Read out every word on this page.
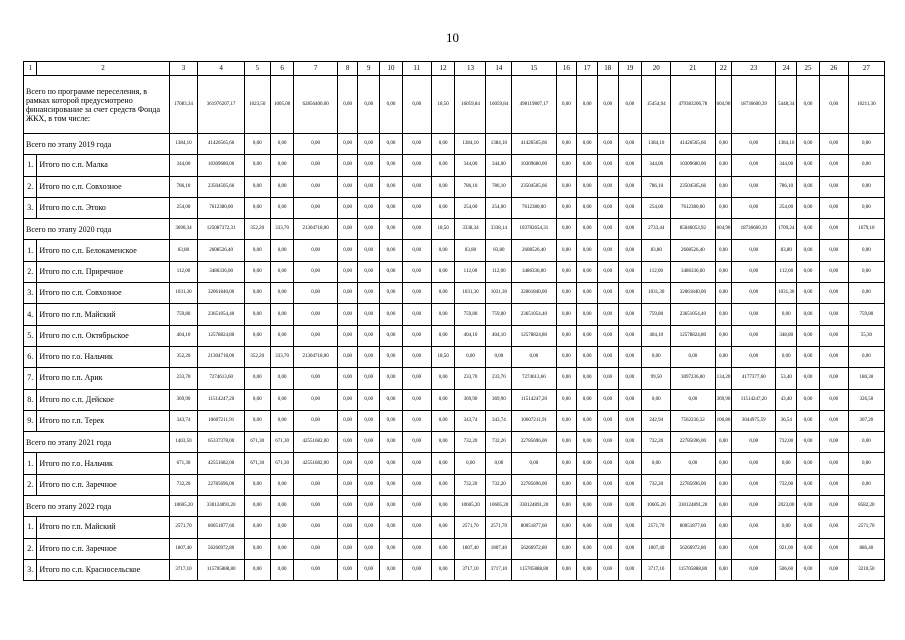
10
1	2	3	4	5	6	7	8	9	10	11	12	13	14	15	16	17	18	19	20	21	22	23	24	25	26	27
Всего по программе переселения, в рамках которой предусмотрено финансирование за счет средств Фонда ЖКХ, в том числе:		17083,34	361976207,17	1023,50	1005,00	62856400,00	0,00	0,00	0,00	0,00	18,50	16059,84	16059,84	498119807,17	0,00	0,00	0,00	0,00	15454,94	479383206,78	604,90	18736600,39	5448,34	0,00	0,00	10211,30
Всего по этапу 2019 года		1384,10	41426565,66	0,00	0,00	0,00	0,00	0,00	0,00	0,00	0,00	1384,10	1384,10	41426565,66	0,00	0,00	0,00	0,00	1384,10	41426565,66	0,00	0,00	1384,10	0,00	0,00	0,00
1.	Итого по с.п. Малка	344,00	10309680,00	0,00	0,00	0,00	0,00	0,00	0,00	0,00	0,00	344,00	344,00	10309680,00	0,00	0,00	0,00	0,00	344,00	10309680,00	0,00	0,00	344,00	0,00	0,00	0,00
2.	Итого по с.п. Совхозное	786,10	23504505,66	0,00	0,00	0,00	0,00	0,00	0,00	0,00	0,00	786,10	786,10	23504505,66	0,00	0,00	0,00	0,00	786,10	23504505,66	0,00	0,00	786,10	0,00	0,00	0,00
3.	Итого по с.п. Этоко	254,00	7612380,00	0,00	0,00	0,00	0,00	0,00	0,00	0,00	0,00	254,00	254,00	7612380,00	0,00	0,00	0,00	0,00	254,00	7612380,00	0,00	0,00	254,00	0,00	0,00	0,00
Всего по этапу 2020 года		3690,34	125087372,31	352,20	333,70	21304718,00	0,00	0,00	0,00	0,00	18,50	3338,34	3338,14	103782654,31	0,00	0,00	0,00	0,00	2733,44	85046053,92	604,90	18736600,39	1709,24	0,00	0,00	1679,10
1.	Итого по с.п. Белокаменское	83,80	2608526,40	0,00	0,00	0,00	0,00	0,00	0,00	0,00	0,00	83,80	83,80	2608526,40	0,00	0,00	0,00	0,00	83,80	2608526,40	0,00	0,00	83,80	0,00	0,00	0,00
2.	Итого по с.п. Приречное	112,00	3486336,00	0,00	0,00	0,00	0,00	0,00	0,00	0,00	0,00	112,00	112,00	3486336,00	0,00	0,00	0,00	0,00	112,00	3486336,00	0,00	0,00	112,00	0,00	0,00	0,00
3.	Итого по с.п. Совхозное	1031,30	32061840,00	0,00	0,00	0,00	0,00	0,00	0,00	0,00	0,00	1031,30	1031,30	32061840,00	0,00	0,00	0,00	0,00	1031,30	32061840,00	0,00	0,00	1031,30	0,00	0,00	0,00
4.	Итого по г.п. Майский	759,80	23651054,40	0,00	0,00	0,00	0,00	0,00	0,00	0,00	0,00	759,80	759,80	23651054,40	0,00	0,00	0,00	0,00	759,80	23651054,40	0,00	0,00	0,00	0,00	0,00	759,80
5.	Итого по с.п. Октябрьское	404,10	12578824,80	0,00	0,00	0,00	0,00	0,00	0,00	0,00	0,00	404,10	404,10	12578824,80	0,00	0,00	0,00	0,00	404,10	12578824,80	0,00	0,00	348,80	0,00	0,00	55,30
6.	Итого по г.о. Нальчик	352,20	21304718,00	352,20	333,70	21304718,00	0,00	0,00	0,00	0,00	18,50	0,00	0,00	0,00	0,00	0,00	0,00	0,00	0,00	0,00	0,00	0,00	0,00	0,00	0,00	0,00
7.	Итого по г.п. Арик	233,70	7274613,60	0,00	0,00	0,00	0,00	0,00	0,00	0,00	0,00	233,70	233,70	7274613,60	0,00	0,00	0,00	0,00	99,50	3097236,00	134,20	4177377,60	53,40	0,00	0,00	180,30
8.	Итого по с.п. Дейское	369,90	11514247,20	0,00	0,00	0,00	0,00	0,00	0,00	0,00	0,00	369,90	369,90	11514247,20	0,00	0,00	0,00	0,00	0,00	0,00	369,90	11514247,20	43,40	0,00	0,00	326,50
9.	Итого по г.п. Терек	343,74	10607211,91	0,00	0,00	0,00	0,00	0,00	0,00	0,00	0,00	343,74	343,74	10607211,91	0,00	0,00	0,00	0,00	242,94	7562236,32	100,80	3044975,59	36,54	0,00	0,00	307,20
Всего по этапу 2021 года		1403,50	65337378,00	671,30	671,30	42551682,00	0,00	0,00	0,00	0,00	0,00	732,20	732,20	22785696,00	0,00	0,00	0,00	0,00	732,20	22785696,00	0,00	0,00	732,00	0,00	0,00	0,00
1.	Итого по г.о. Нальчик	671,30	42551682,00	671,30	671,30	42551682,00	0,00	0,00	0,00	0,00	0,00	0,00	0,00	0,00	0,00	0,00	0,00	0,00	0,00	0,00	0,00	0,00	0,00	0,00	0,00	0,00
2.	Итого по с.п. Заречное	732,20	22785696,00	0,00	0,00	0,00	0,00	0,00	0,00	0,00	0,00	732,20	732,20	22785696,00	0,00	0,00	0,00	0,00	732,20	22785696,00	0,00	0,00	732,00	0,00	0,00	0,00
Всего по этапу 2022 года		10605,20	330124891,20	0,00	0,00	0,00	0,00	0,00	0,00	0,00	0,00	10605,20	10605,20	330124891,20	0,00	0,00	0,00	0,00	10605,20	330124891,20	0,00	0,00	2023,00	0,00	0,00	8582,20
1.	Итого по г.п. Майский	2571,70	80051877,60	0,00	0,00	0,00	0,00	0,00	0,00	0,00	0,00	2571,70	2571,70	80051877,60	0,00	0,00	0,00	0,00	2571,70	80051877,60	0,00	0,00	0,00	0,00	0,00	2571,70
2.	Итого по с.п. Заречное	1807,40	56266972,80	0,00	0,00	0,00	0,00	0,00	0,00	0,00	0,00	1807,40	1807,40	56266972,80	0,00	0,00	0,00	0,00	1807,40	56266972,80	0,00	0,00	921,00	0,00	0,00	886,40
3.	Итого по с.п. Красносельское	3717,10	115705888,80	0,00	0,00	0,00	0,00	0,00	0,00	0,00	0,00	3717,10	3717,10	115705888,80	0,00	0,00	0,00	0,00	3717,10	115705888,80	0,00	0,00	506,60	0,00	0,00	3210,50
